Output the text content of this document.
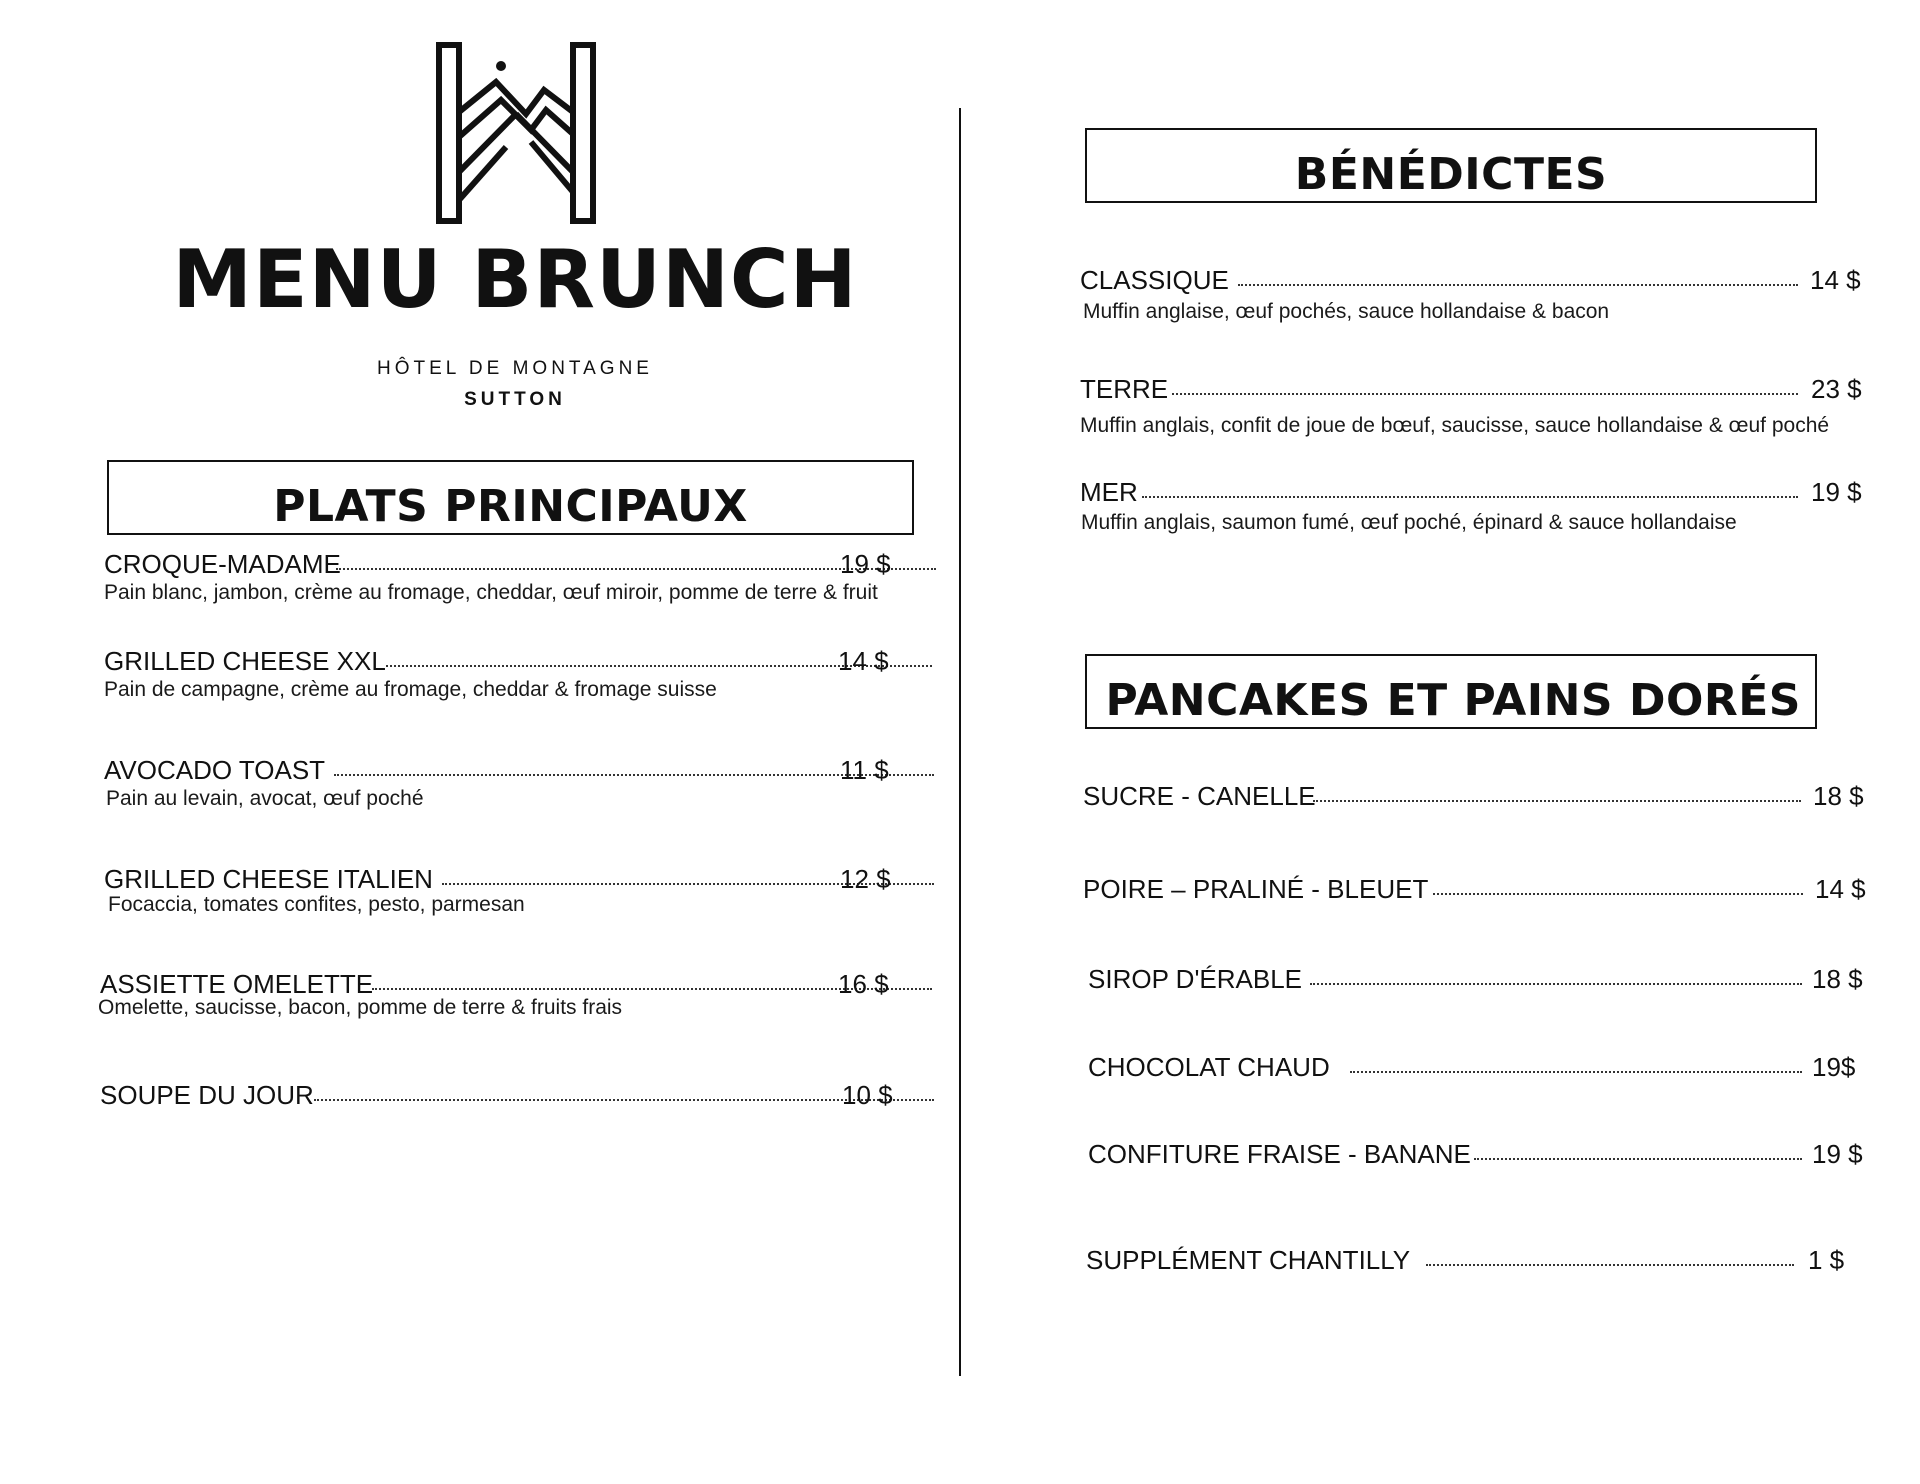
MENU BRUNCH
HÔTEL DE MONTAGNE
SUTTON
PLATS PRINCIPAUX
CROQUE-MADAME	19 $
Pain blanc, jambon, crème au fromage, cheddar, œuf miroir, pomme de terre & fruit
GRILLED CHEESE XXL	14 $
Pain de campagne, crème au fromage, cheddar & fromage suisse
AVOCADO TOAST	11 $
Pain au levain, avocat, œuf poché
GRILLED CHEESE ITALIEN	12 $
Focaccia, tomates confites, pesto, parmesan
ASSIETTE OMELETTE	16 $
Omelette, saucisse, bacon, pomme de terre & fruits frais
SOUPE DU JOUR	10 $
BÉNÉDICTES
CLASSIQUE	14 $
Muffin anglaise, œuf pochés, sauce hollandaise & bacon
TERRE	23 $
Muffin anglais, confit de joue de bœuf, saucisse, sauce hollandaise & œuf poché
MER	19 $
Muffin anglais, saumon fumé, œuf poché, épinard & sauce hollandaise
PANCAKES ET PAINS DORÉS
SUCRE - CANELLE	18 $
POIRE – PRALINÉ - BLEUET	14 $
SIROP D'ÉRABLE	18 $
CHOCOLAT CHAUD	19$
CONFITURE FRAISE - BANANE	19 $
SUPPLÉMENT CHANTILLY	1 $
